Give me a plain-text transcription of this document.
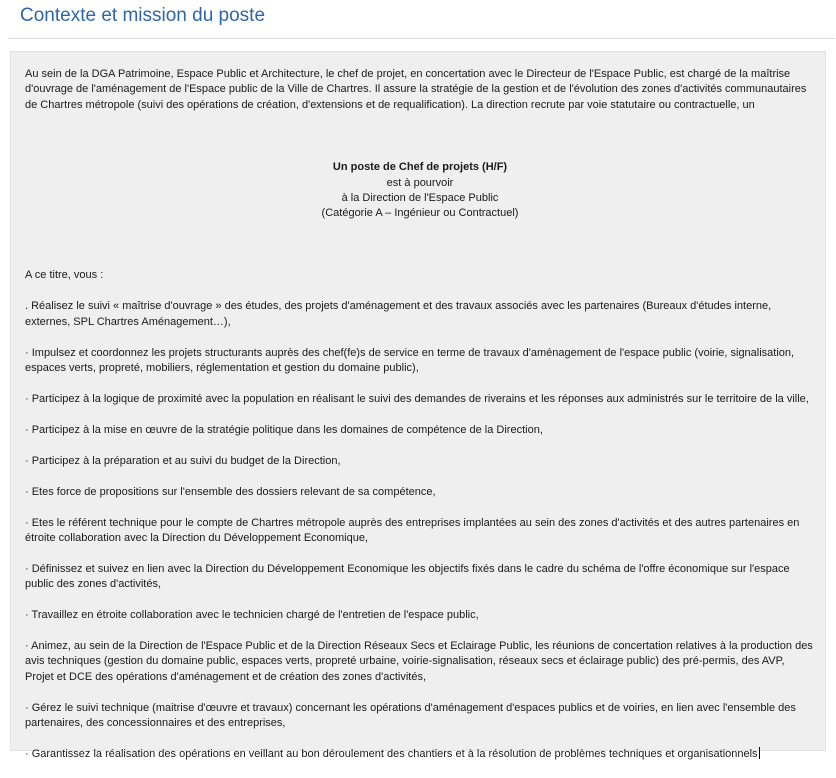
Contexte et mission du poste

Au sein de la DGA Patrimoine, Espace Public et Architecture, le chef de projet, en concertation avec le Directeur de l'Espace Public, est chargé de la maîtrise d'ouvrage de l'aménagement de l'Espace public de la Ville de Chartres. Il assure la stratégie de la gestion et de l'évolution des zones d'activités communautaires de Chartres métropole (suivi des opérations de création, d'extensions et de requalification). La direction recrute par voie statutaire ou contractuelle, un

Un poste de Chef de projets (H/F)
est à pourvoir
à la Direction de l'Espace Public
(Catégorie A – Ingénieur ou Contractuel)

A ce titre, vous :

. Réalisez le suivi « maîtrise d'ouvrage » des études, des projets d'aménagement et des travaux associés avec les partenaires (Bureaux d'études interne, externes, SPL Chartres Aménagement…),
· Impulsez et coordonnez les projets structurants auprès des chef(fe)s de service en terme de travaux d'aménagement de l'espace public (voirie, signalisation, espaces verts, propreté, mobiliers, réglementation et gestion du domaine public),
· Participez à la logique de proximité avec la population en réalisant le suivi des demandes de riverains et les réponses aux administrés sur le territoire de la ville,
· Participez à la mise en œuvre de la stratégie politique dans les domaines de compétence de la Direction,
· Participez à la préparation et au suivi du budget de la Direction,
· Etes force de propositions sur l'ensemble des dossiers relevant de sa compétence,
· Etes le référent technique pour le compte de Chartres métropole auprès des entreprises implantées au sein des zones d'activités et des autres partenaires en étroite collaboration avec la Direction du Développement Economique,
· Définissez et suivez en lien avec la Direction du Développement Economique les objectifs fixés dans le cadre du schéma de l'offre économique sur l'espace public des zones d'activités,
· Travaillez en étroite collaboration avec le technicien chargé de l'entretien de l'espace public,
· Animez, au sein de la Direction de l'Espace Public et de la Direction Réseaux Secs et Eclairage Public, les réunions de concertation relatives à la production des avis techniques (gestion du domaine public, espaces verts, propreté urbaine, voirie-signalisation, réseaux secs et éclairage public) des pré-permis, des AVP, Projet et DCE des opérations d'aménagement et de création des zones d'activités,
· Gérez le suivi technique (maitrise d'œuvre et travaux) concernant les opérations d'aménagement d'espaces publics et de voiries, en lien avec l'ensemble des partenaires, des concessionnaires et des entreprises,
· Garantissez la réalisation des opérations en veillant au bon déroulement des chantiers et à la résolution de problèmes techniques et organisationnels
